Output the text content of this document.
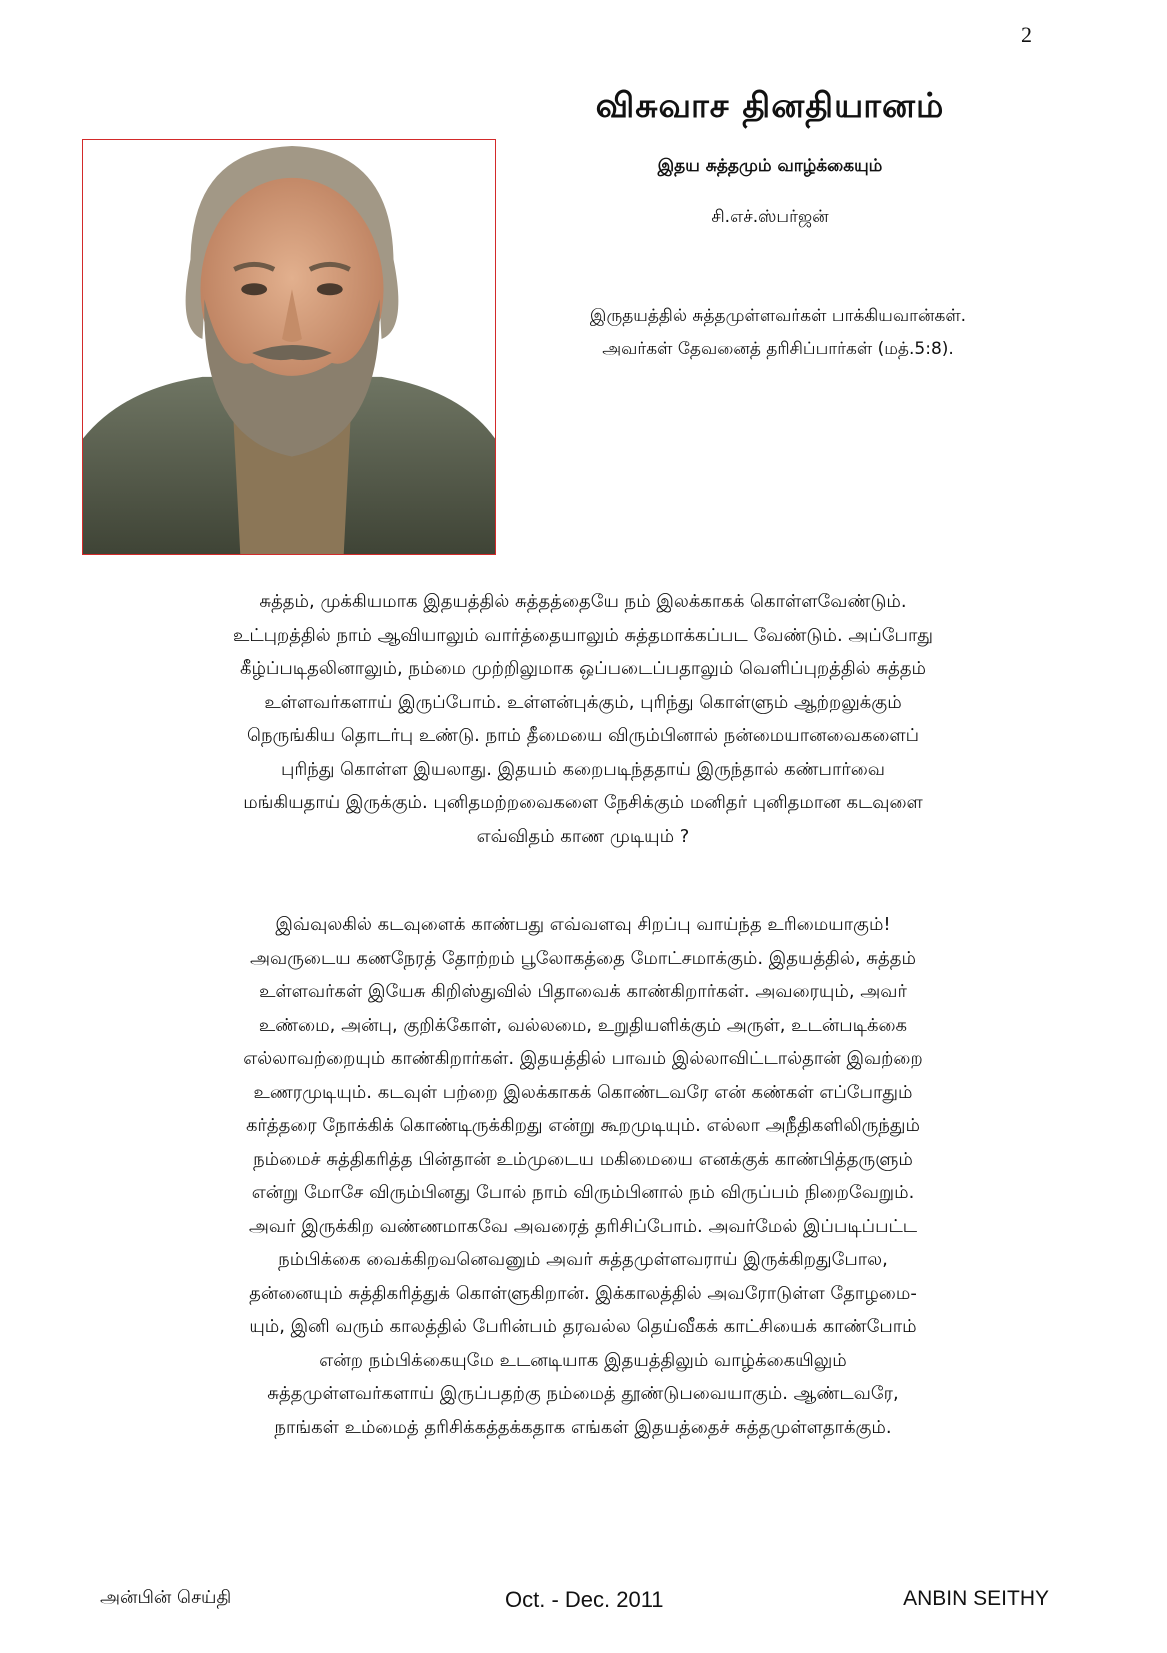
2
விசுவாச தினதியானம்
இதய சுத்தமும் வாழ்க்கையும்
சி.எச்.ஸ்பர்ஜன்

இருதயத்தில் சுத்தமுள்ளவர்கள் பாக்கியவான்கள்.

அவர்கள் தேவனைத் தரிசிப்பார்கள் (மத்.5:8).

சுத்தம், முக்கியமாக இதயத்தில் சுத்தத்தையே நம் இலக்காகக் கொள்ளவேண்டும்.

உட்புறத்தில் நாம் ஆவியாலும் வார்த்தையாலும் சுத்தமாக்கப்பட வேண்டும். அப்போது

கீழ்ப்படிதலினாலும், நம்மை முற்றிலுமாக ஒப்படைப்பதாலும் வெளிப்புறத்தில் சுத்தம்

உள்ளவர்களாய் இருப்போம். உள்ளன்புக்கும், புரிந்து கொள்ளும் ஆற்றலுக்கும்

நெருங்கிய தொடர்பு உண்டு. நாம் தீமையை விரும்பினால் நன்மையானவைகளைப்

புரிந்து கொள்ள இயலாது. இதயம் கறைபடிந்ததாய் இருந்தால் கண்பார்வை

மங்கியதாய் இருக்கும். புனிதமற்றவைகளை நேசிக்கும் மனிதர் புனிதமான கடவுளை

எவ்விதம் காண முடியும் ?

இவ்வுலகில் கடவுளைக் காண்பது எவ்வளவு சிறப்பு வாய்ந்த உரிமையாகும்!

அவருடைய கணநேரத் தோற்றம் பூலோகத்தை மோட்சமாக்கும். இதயத்தில், சுத்தம்

உள்ளவர்கள் இயேசு கிறிஸ்துவில் பிதாவைக் காண்கிறார்கள். அவரையும், அவர்

உண்மை, அன்பு, குறிக்கோள், வல்லமை, உறுதியளிக்கும் அருள், உடன்படிக்கை

எல்லாவற்றையும் காண்கிறார்கள். இதயத்தில் பாவம் இல்லாவிட்டால்தான் இவற்றை

உணரமுடியும். கடவுள் பற்றை இலக்காகக் கொண்டவரே என் கண்கள் எப்போதும்

கர்த்தரை நோக்கிக் கொண்டிருக்கிறது என்று கூறமுடியும். எல்லா அநீதிகளிலிருந்தும்

நம்மைச் சுத்திகரித்த பின்தான் உம்முடைய மகிமையை எனக்குக் காண்பித்தருளும்

என்று மோசே விரும்பினது போல் நாம் விரும்பினால் நம் விருப்பம் நிறைவேறும்.

அவர் இருக்கிற வண்ணமாகவே அவரைத் தரிசிப்போம். அவர்மேல் இப்படிப்பட்ட

நம்பிக்கை வைக்கிறவனெவனும் அவர் சுத்தமுள்ளவராய் இருக்கிறதுபோல,

தன்னையும் சுத்திகரித்துக் கொள்ளுகிறான். இக்காலத்தில் அவரோடுள்ள தோழமை-

யும், இனி வரும் காலத்தில் பேரின்பம் தரவல்ல தெய்வீகக் காட்சியைக் காண்போம்

என்ற நம்பிக்கையுமே உடனடியாக இதயத்திலும் வாழ்க்கையிலும்

சுத்தமுள்ளவர்களாய் இருப்பதற்கு நம்மைத் தூண்டுபவையாகும். ஆண்டவரே,

நாங்கள் உம்மைத் தரிசிக்கத்தக்கதாக எங்கள் இதயத்தைச் சுத்தமுள்ளதாக்கும்.

அன்பின் செய்தி	Oct. - Dec. 2011	ANBIN SEITHY
